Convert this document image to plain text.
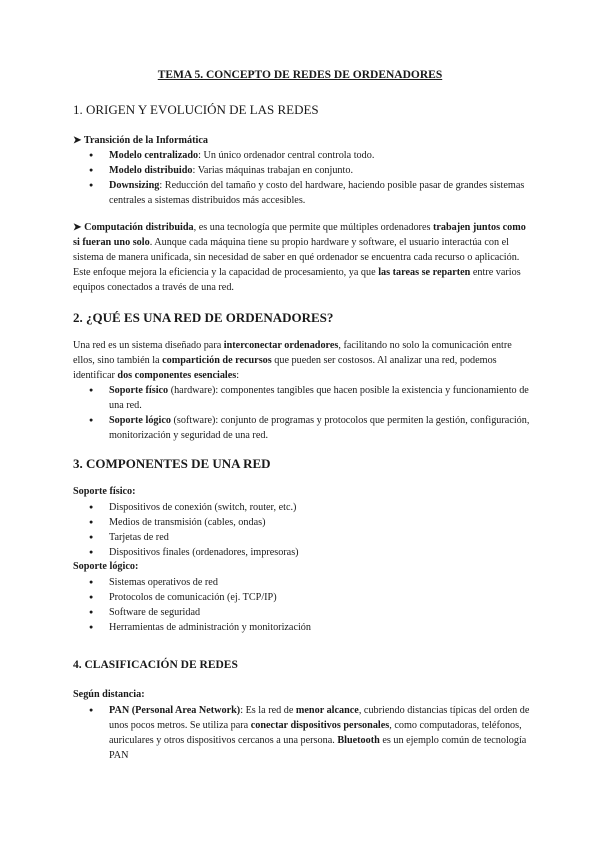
TEMA 5. CONCEPTO DE REDES DE ORDENADORES
1. ORIGEN Y EVOLUCIÓN DE LAS REDES
➤ Transición de la Informática
● Modelo centralizado: Un único ordenador central controla todo.
● Modelo distribuido: Varias máquinas trabajan en conjunto.
● Downsizing: Reducción del tamaño y costo del hardware, haciendo posible pasar de grandes sistemas centrales a sistemas distribuidos más accesibles.
➤ Computación distribuida, es una tecnología que permite que múltiples ordenadores trabajen juntos como si fueran uno solo. Aunque cada máquina tiene su propio hardware y software, el usuario interactúa con el sistema de manera unificada, sin necesidad de saber en qué ordenador se encuentra cada recurso o aplicación. Este enfoque mejora la eficiencia y la capacidad de procesamiento, ya que las tareas se reparten entre varios equipos conectados a través de una red.
2. ¿QUÉ ES UNA RED DE ORDENADORES?
Una red es un sistema diseñado para interconectar ordenadores, facilitando no solo la comunicación entre ellos, sino también la compartición de recursos que pueden ser costosos. Al analizar una red, podemos identificar dos componentes esenciales:
● Soporte físico (hardware): componentes tangibles que hacen posible la existencia y funcionamiento de una red.
● Soporte lógico (software): conjunto de programas y protocolos que permiten la gestión, configuración, monitorización y seguridad de una red.
3. COMPONENTES DE UNA RED
Soporte físico:
● Dispositivos de conexión (switch, router, etc.)
● Medios de transmisión (cables, ondas)
● Tarjetas de red
● Dispositivos finales (ordenadores, impresoras)
Soporte lógico:
● Sistemas operativos de red
● Protocolos de comunicación (ej. TCP/IP)
● Software de seguridad
● Herramientas de administración y monitorización
4. CLASIFICACIÓN DE REDES
Según distancia:
● PAN (Personal Area Network): Es la red de menor alcance, cubriendo distancias típicas del orden de unos pocos metros. Se utiliza para conectar dispositivos personales, como computadoras, teléfonos, auriculares y otros dispositivos cercanos a una persona. Bluetooth es un ejemplo común de tecnología PAN
